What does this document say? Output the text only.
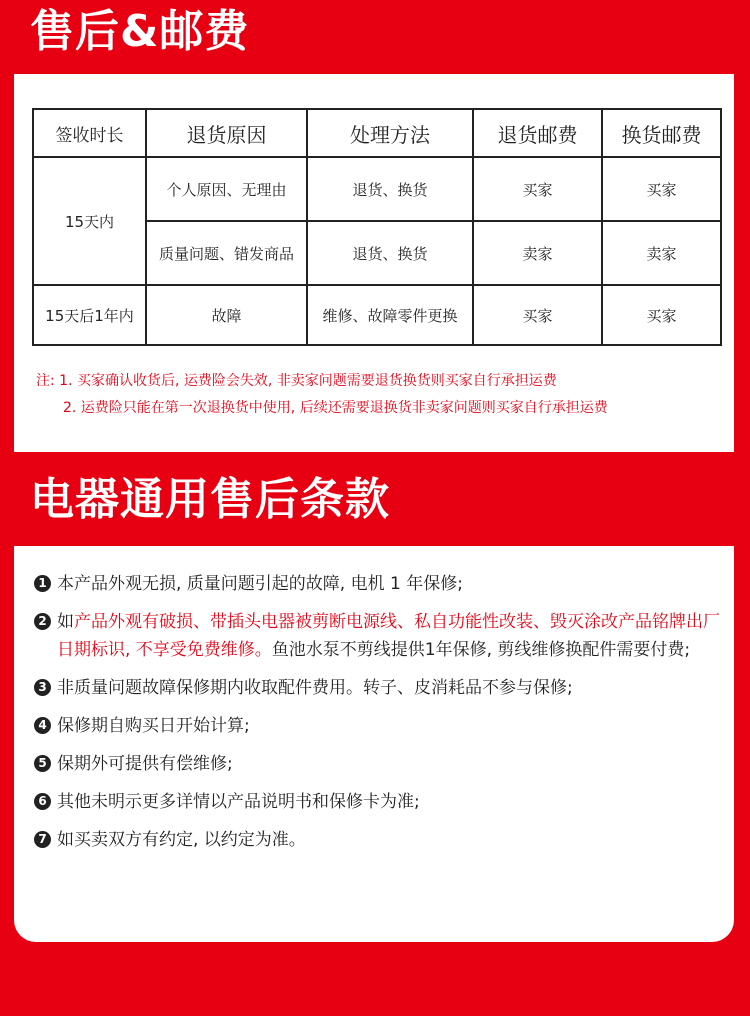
售后&邮费
签收时长	退货原因	处理方法	退货邮费	换货邮费
15天内	个人原因、无理由	退货、换货	买家	买家
	质量问题、错发商品	退货、换货	卖家	卖家
15天后1年内	故障	维修、故障零件更换	买家	买家
注: 1. 买家确认收货后, 运费险会失效, 非卖家问题需要退货换货则买家自行承担运费
2. 运费险只能在第一次退换货中使用, 后续还需要退换货非卖家问题则买家自行承担运费
电器通用售后条款
1 本产品外观无损, 质量问题引起的故障, 电机 1 年保修;
2 如产品外观有破损、带插头电器被剪断电源线、私自功能性改装、毁灭涂改产品铭牌出厂日期标识, 不享受免费维修。鱼池水泵不剪线提供1年保修, 剪线维修换配件需要付费;
3 非质量问题故障保修期内收取配件费用。转子、皮消耗品不参与保修;
4 保修期自购买日开始计算;
5 保期外可提供有偿维修;
6 其他未明示更多详情以产品说明书和保修卡为准;
7 如买卖双方有约定, 以约定为准。
